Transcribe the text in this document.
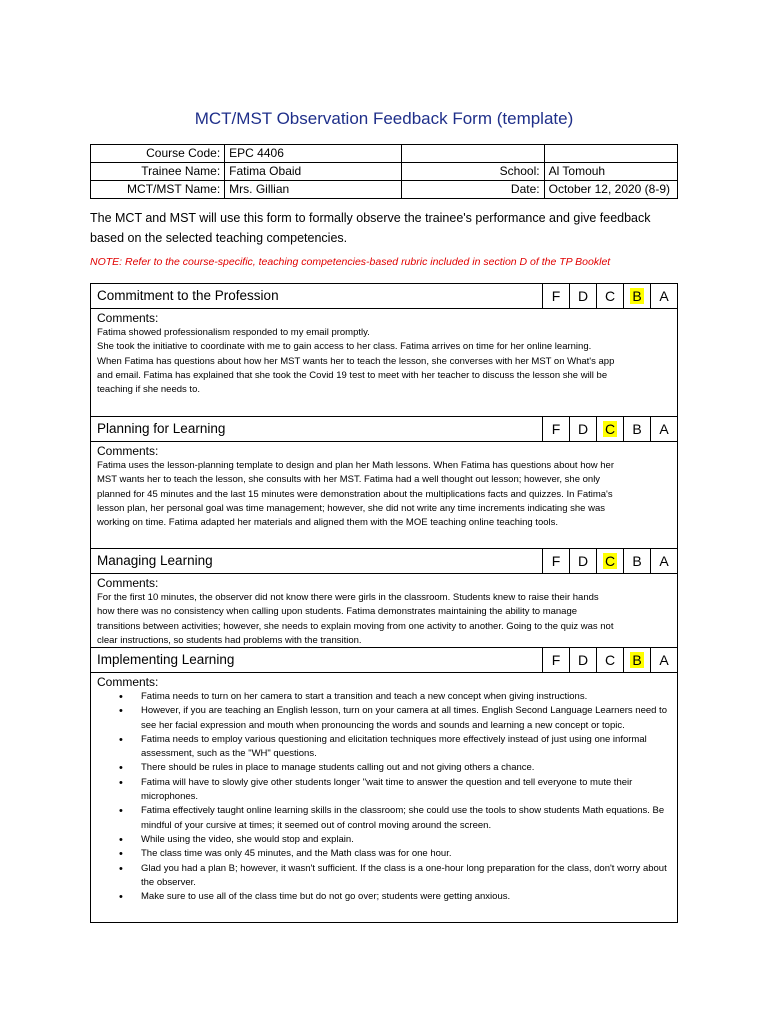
MCT/MST Observation Feedback Form (template)
Course Code:	EPC 4406		
Trainee Name:	Fatima Obaid	School:	Al Tomouh
MCT/MST Name:	Mrs. Gillian	Date:	October 12, 2020 (8-9)
The MCT and MST will use this form to formally observe the trainee's performance and give feedback based on the selected teaching competencies.
NOTE: Refer to the course-specific, teaching competencies-based rubric included in section D of the TP Booklet
Commitment to the Profession	F	D	C	B	A
Comments:
Fatima showed professionalism responded to my email promptly.
She took the initiative to coordinate with me to gain access to her class. Fatima arrives on time for her online learning.
When Fatima has questions about how her MST wants her to teach the lesson, she converses with her MST on What's app
and email. Fatima has explained that she took the Covid 19 test to meet with her teacher to discuss the lesson she will be
teaching if she needs to.
Planning for Learning	F	D	C	B	A
Comments:
Fatima uses the lesson-planning template to design and plan her Math lessons. When Fatima has questions about how her
MST wants her to teach the lesson, she consults with her MST. Fatima had a well thought out lesson; however, she only
planned for 45 minutes and the last 15 minutes were demonstration about the multiplications facts and quizzes. In Fatima's
lesson plan, her personal goal was time management; however, she did not write any time increments indicating she was
working on time. Fatima adapted her materials and aligned them with the MOE teaching online teaching tools.
Managing Learning	F	D	C	B	A
Comments:
For the first 10 minutes, the observer did not know there were girls in the classroom. Students knew to raise their hands
how there was no consistency when calling upon students. Fatima demonstrates maintaining the ability to manage
transitions between activities; however, she needs to explain moving from one activity to another. Going to the quiz was not
clear instructions, so students had problems with the transition.
Implementing Learning	F	D	C	B	A
Comments:
• Fatima needs to turn on her camera to start a transition and teach a new concept when giving instructions.
• However, if you are teaching an English lesson, turn on your camera at all times. English Second Language Learners need to see her facial expression and mouth when pronouncing the words and sounds and learning a new concept or topic.
• Fatima needs to employ various questioning and elicitation techniques more effectively instead of just using one informal assessment, such as the "WH" questions.
• There should be rules in place to manage students calling out and not giving others a chance.
• Fatima will have to slowly give other students longer "wait time to answer the question and tell everyone to mute their microphones.
• Fatima effectively taught online learning skills in the classroom; she could use the tools to show students Math equations. Be mindful of your cursive at times; it seemed out of control moving around the screen.
• While using the video, she would stop and explain.
• The class time was only 45 minutes, and the Math class was for one hour.
• Glad you had a plan B; however, it wasn't sufficient. If the class is a one-hour long preparation for the class, don't worry about the observer.
• Make sure to use all of the class time but do not go over; students were getting anxious.
